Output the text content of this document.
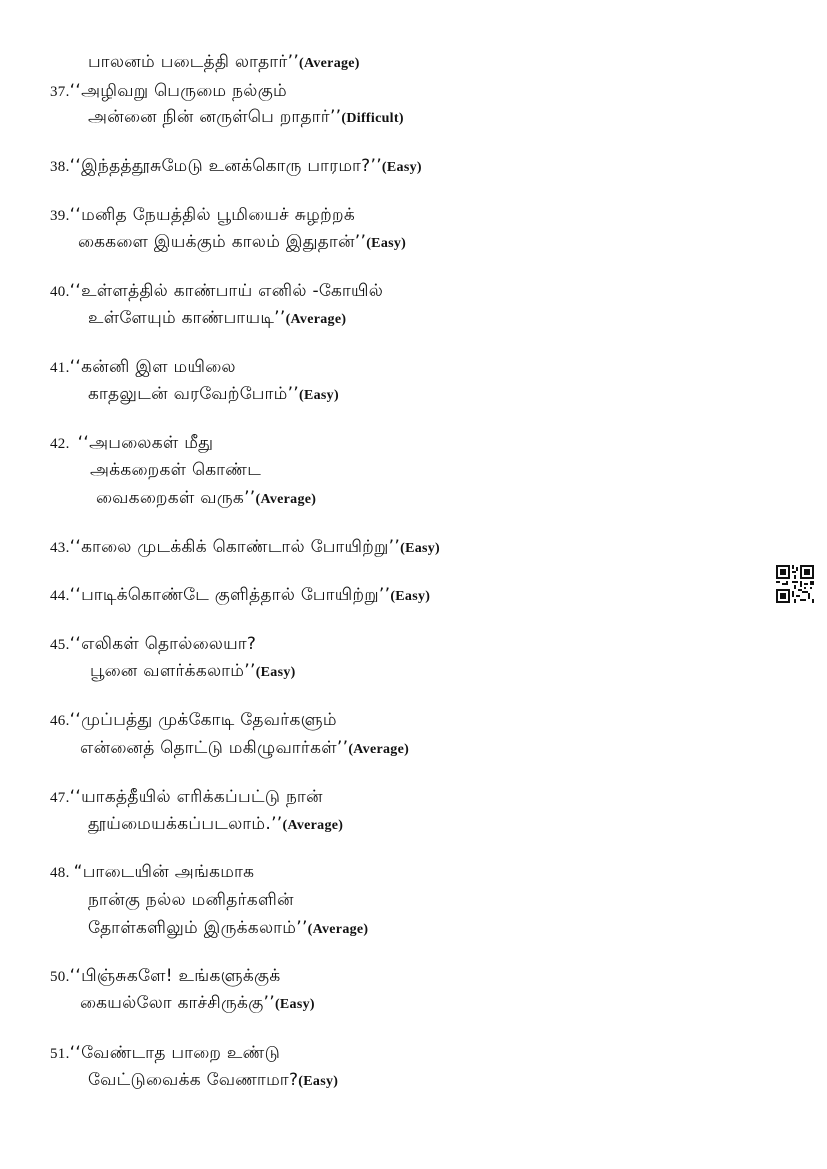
பாலனம் படைத்தி லாதார்’’(Average)
37.‘‘அழிவறு பெருமை நல்கும்
அன்னை நின் னருள்பெ றாதார்’’(Difficult)
38.‘‘இந்தத்தூசுமேடு உனக்கொரு பாரமா?’’(Easy)
39.‘‘மனித நேயத்தில் பூமியைச் சுழற்றக்
கைகளை இயக்கும் காலம் இதுதான்’’(Easy)
40.‘‘உள்ளத்தில் காண்பாய் எனில் -கோயில்
உள்ளேயும் காண்பாயடி’’(Average)
41.‘‘கன்னி இள மயிலை
காதலுடன் வரவேற்போம்’’(Easy)
42. ‘‘அபலைகள் மீது
அக்கறைகள் கொண்ட
வைகறைகள் வருக’’(Average)
43.‘‘காலை முடக்கிக் கொண்டால் போயிற்று’’(Easy)
44.‘‘பாடிக்கொண்டே குளித்தால் போயிற்று’’(Easy)
45.‘‘எலிகள் தொல்லையா?
பூனை வளர்க்கலாம்’’(Easy)
46.‘‘முப்பத்து முக்கோடி தேவர்களும்
என்னைத் தொட்டு மகிழுவார்கள்’’(Average)
47.‘‘யாகத்தீயில் எரிக்கப்பட்டு நான்
தூய்மையக்கப்படலாம்.’’(Average)
48. “பாடையின் அங்கமாக
நான்கு நல்ல மனிதர்களின்
தோள்களிலும் இருக்கலாம்’’(Average)
50.‘‘பிஞ்சுகளே! உங்களுக்குக்
கையல்லோ காச்சிருக்கு’’(Easy)
51.‘‘வேண்டாத பாறை உண்டு
வேட்டுவைக்க வேணாமா?(Easy)
